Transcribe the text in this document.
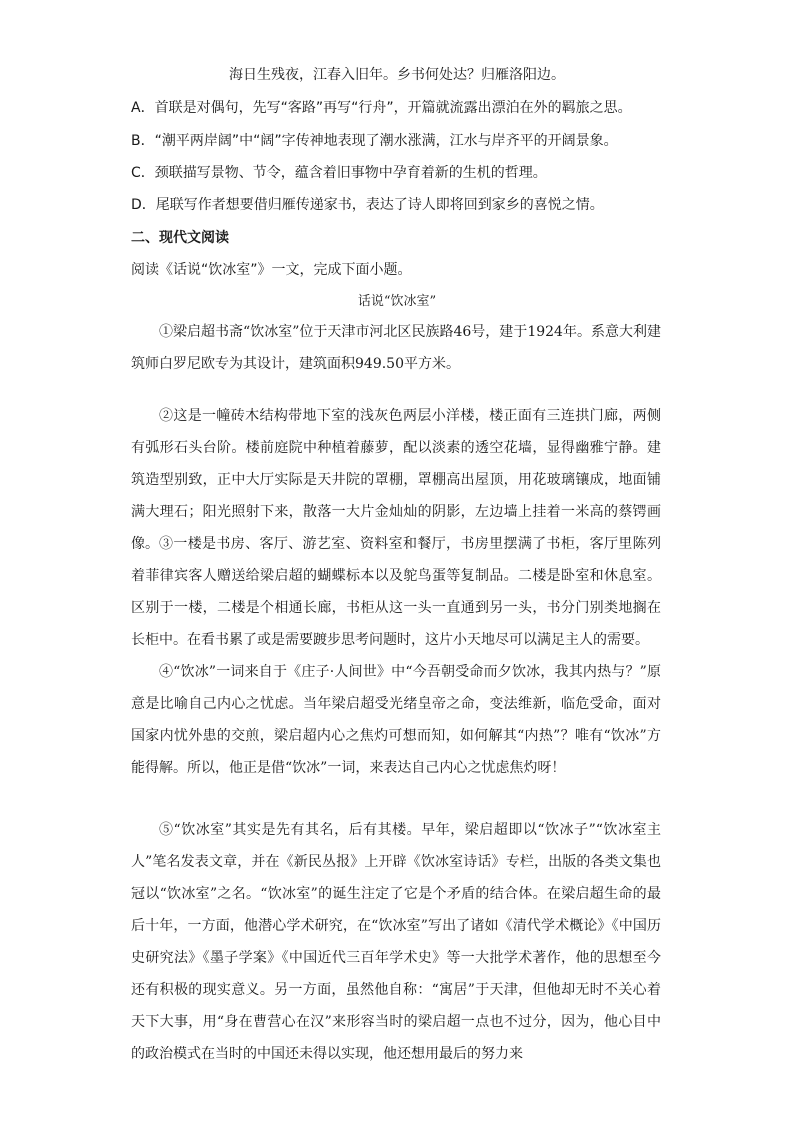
海日生残夜，江春入旧年。乡书何处达？归雁洛阳边。

A．首联是对偶句，先写“客路”再写“行舟”，开篇就流露出漂泊在外的羁旅之思。

B．“潮平两岸阔”中“阔”字传神地表现了潮水涨满，江水与岸齐平的开阔景象。

C．颈联描写景物、节令，蕴含着旧事物中孕育着新的生机的哲理。

D．尾联写作者想要借归雁传递家书，表达了诗人即将回到家乡的喜悦之情。

二、现代文阅读

阅读《话说“饮冰室”》一文，完成下面小题。

话说“饮冰室”

①梁启超书斋“饮冰室”位于天津市河北区民族路46号，建于1924年。系意大利建筑师白罗尼欧专为其设计，建筑面积949.50平方米。

②这是一幢砖木结构带地下室的浅灰色两层小洋楼，楼正面有三连拱门廊，两侧有弧形石头台阶。楼前庭院中种植着藤萝，配以淡素的透空花墙，显得幽雅宁静。建筑造型别致，正中大厅实际是天井院的罩棚，罩棚高出屋顶，用花玻璃镶成，地面铺满大理石；阳光照射下来，散落一大片金灿灿的阴影，左边墙上挂着一米高的蔡锷画像。 ③一楼是书房、客厅、游艺室、资料室和餐厅，书房里摆满了书柜，客厅里陈列着菲律宾客人赠送给梁启超的蝴蝶标本以及鸵鸟蛋等复制品。二楼是卧室和休息室。区别于一楼，二楼是个相通长廊，书柜从这一头一直通到另一头，书分门别类地搁在长柜中。在看书累了或是需要踱步思考问题时，这片小天地尽可以满足主人的需要。

④“饮冰”一词来自于《庄子·人间世》中“今吾朝受命而夕饮冰，我其内热与？”原意是比喻自己内心之忧虑。当年梁启超受光绪皇帝之命，变法维新，临危受命，面对国家内忧外患的交煎，梁启超内心之焦灼可想而知，如何解其“内热”？唯有“饮冰”方能得解。所以，他正是借“饮冰”一词，来表达自己内心之忧虑焦灼呀！

⑤“饮冰室”其实是先有其名，后有其楼。早年，梁启超即以“饮冰子”“饮冰室主人”笔名发表文章，并在《新民丛报》上开辟《饮冰室诗话》专栏，出版的各类文集也冠以“饮冰室”之名。“饮冰室”的诞生注定了它是个矛盾的结合体。在梁启超生命的最后十年，一方面，他潜心学术研究，在“饮冰室”写出了诸如《清代学术概论》《中国历史研究法》《墨子学案》《中国近代三百年学术史》等一大批学术著作，他的思想至今还有积极的现实意义。另一方面，虽然他自称：“寓居”于天津，但他却无时不关心着天下大事，用“身在曹营心在汉”来形容当时的梁启超一点也不过分，因为，他心目中的政治模式在当时的中国还未得以实现，他还想用最后的努力来
